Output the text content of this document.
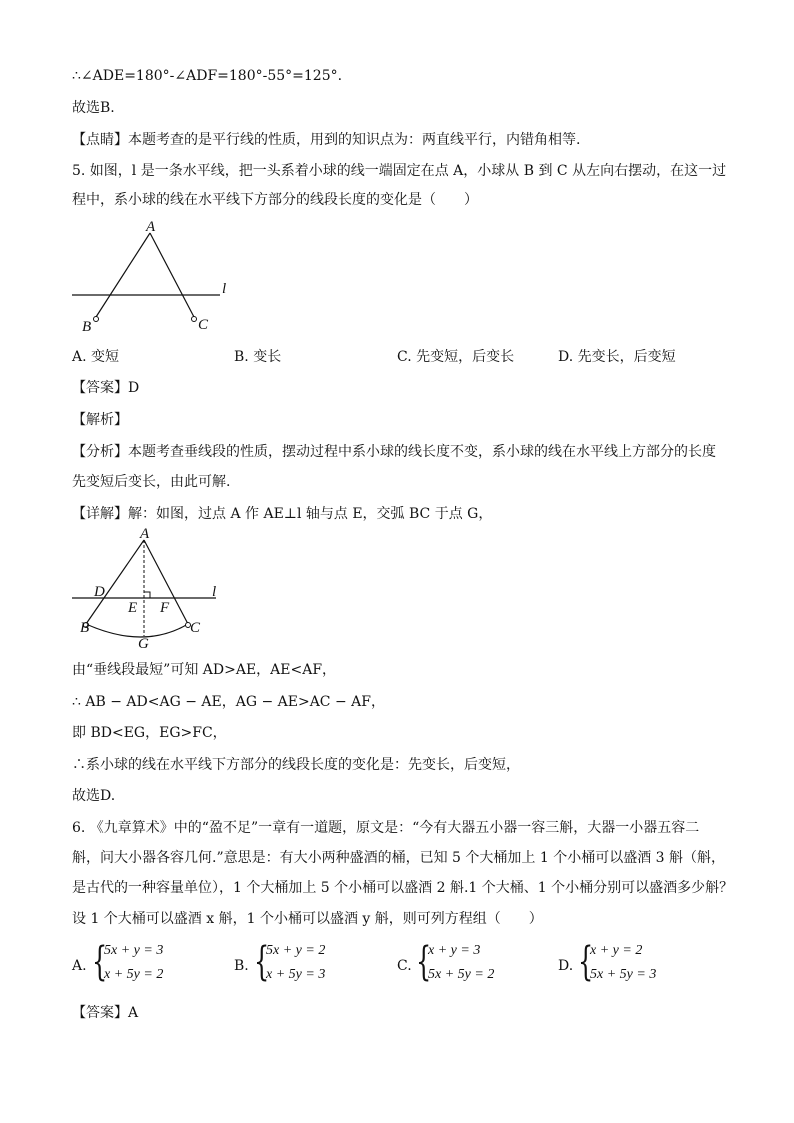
∴∠ADE=180°-∠ADF=180°-55°=125°.
故选B.
【点睛】本题考查的是平行线的性质，用到的知识点为：两直线平行，内错角相等.
5. 如图，l 是一条水平线，把一头系着小球的线一端固定在点 A，小球从 B 到 C 从左向右摆动，在这一过
程中，系小球的线在水平线下方部分的线段长度的变化是（　　）
A
B	C
l
A. 变短	B. 变长	C. 先变短，后变长	D. 先变长，后变短
【答案】D
【解析】
【分析】本题考查垂线段的性质，摆动过程中系小球的线长度不变，系小球的线在水平线上方部分的长度
先变短后变长，由此可解.
【详解】解：如图，过点 A 作 AE⊥l 轴与点 E，交弧 BC 于点 G，
A
D
E F
l
B	C
G
由“垂线段最短”可知 AD>AE，AE<AF，
∴ AB − AD<AG − AE，AG − AE>AC − AF，
即 BD<EG，EG>FC，
∴系小球的线在水平线下方部分的线段长度的变化是：先变长，后变短，
故选D.
6. 《九章算术》中的“盈不足”一章有一道题，原文是：“今有大器五小器一容三斛，大器一小器五容二
斛，问大小器各容几何.”意思是：有大小两种盛酒的桶，已知 5 个大桶加上 1 个小桶可以盛酒 3 斛（斛，
是古代的一种容量单位），1 个大桶加上 5 个小桶可以盛酒 2 斛.1 个大桶、1 个小桶分别可以盛酒多少斛？
设 1 个大桶可以盛酒 x 斛，1 个小桶可以盛酒 y 斛，则可列方程组（　　）
A. {
5x + y = 3
x + 5y = 2
B. {
5x + y = 2
x + 5y = 3
C. {
x + y = 3
5x + 5y = 2
D. {
x + y = 2
5x + 5y = 3
【答案】A
